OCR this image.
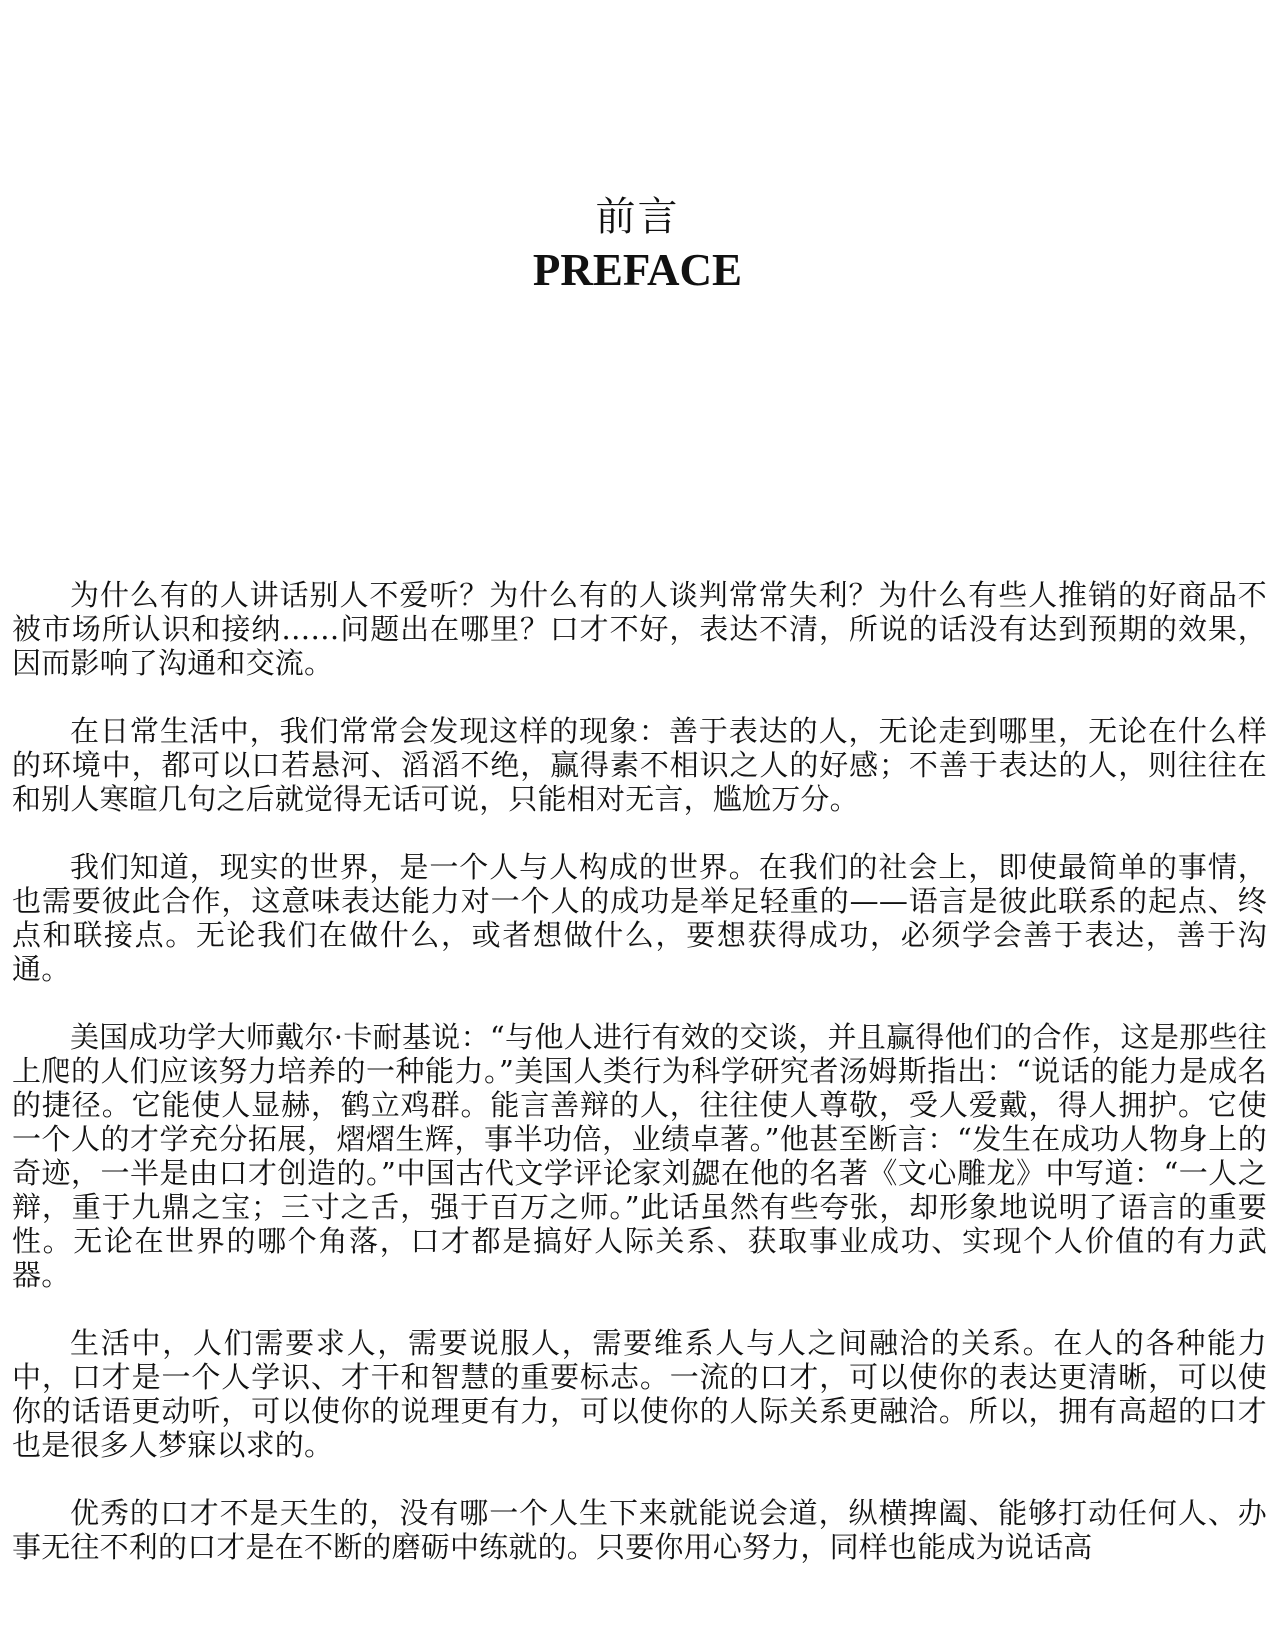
前言
PREFACE

为什么有的人讲话别人不爱听？为什么有的人谈判常常失利？为什么有些人推销的好商品不被市场所认识和接纳……问题出在哪里？口才不好，表达不清，所说的话没有达到预期的效果，因而影响了沟通和交流。

在日常生活中，我们常常会发现这样的现象：善于表达的人，无论走到哪里，无论在什么样的环境中，都可以口若悬河、滔滔不绝，赢得素不相识之人的好感；不善于表达的人，则往往在和别人寒暄几句之后就觉得无话可说，只能相对无言，尴尬万分。

我们知道，现实的世界，是一个人与人构成的世界。在我们的社会上，即使最简单的事情，也需要彼此合作，这意味表达能力对一个人的成功是举足轻重的——语言是彼此联系的起点、终点和联接点。无论我们在做什么，或者想做什么，要想获得成功，必须学会善于表达，善于沟通。

美国成功学大师戴尔·卡耐基说：“与他人进行有效的交谈，并且赢得他们的合作，这是那些往上爬的人们应该努力培养的一种能力。”美国人类行为科学研究者汤姆斯指出：“说话的能力是成名的捷径。它能使人显赫，鹤立鸡群。能言善辩的人，往往使人尊敬，受人爱戴，得人拥护。它使一个人的才学充分拓展，熠熠生辉，事半功倍，业绩卓著。”他甚至断言：“发生在成功人物身上的奇迹，一半是由口才创造的。”中国古代文学评论家刘勰在他的名著《文心雕龙》中写道：“一人之辩，重于九鼎之宝；三寸之舌，强于百万之师。”此话虽然有些夸张，却形象地说明了语言的重要性。无论在世界的哪个角落，口才都是搞好人际关系、获取事业成功、实现个人价值的有力武器。

生活中，人们需要求人，需要说服人，需要维系人与人之间融洽的关系。在人的各种能力中，口才是一个人学识、才干和智慧的重要标志。一流的口才，可以使你的表达更清晰，可以使你的话语更动听，可以使你的说理更有力，可以使你的人际关系更融洽。所以，拥有高超的口才也是很多人梦寐以求的。

优秀的口才不是天生的，没有哪一个人生下来就能说会道，纵横捭阖、能够打动任何人、办事无往不利的口才是在不断的磨砺中练就的。只要你用心努力，同样也能成为说话高
